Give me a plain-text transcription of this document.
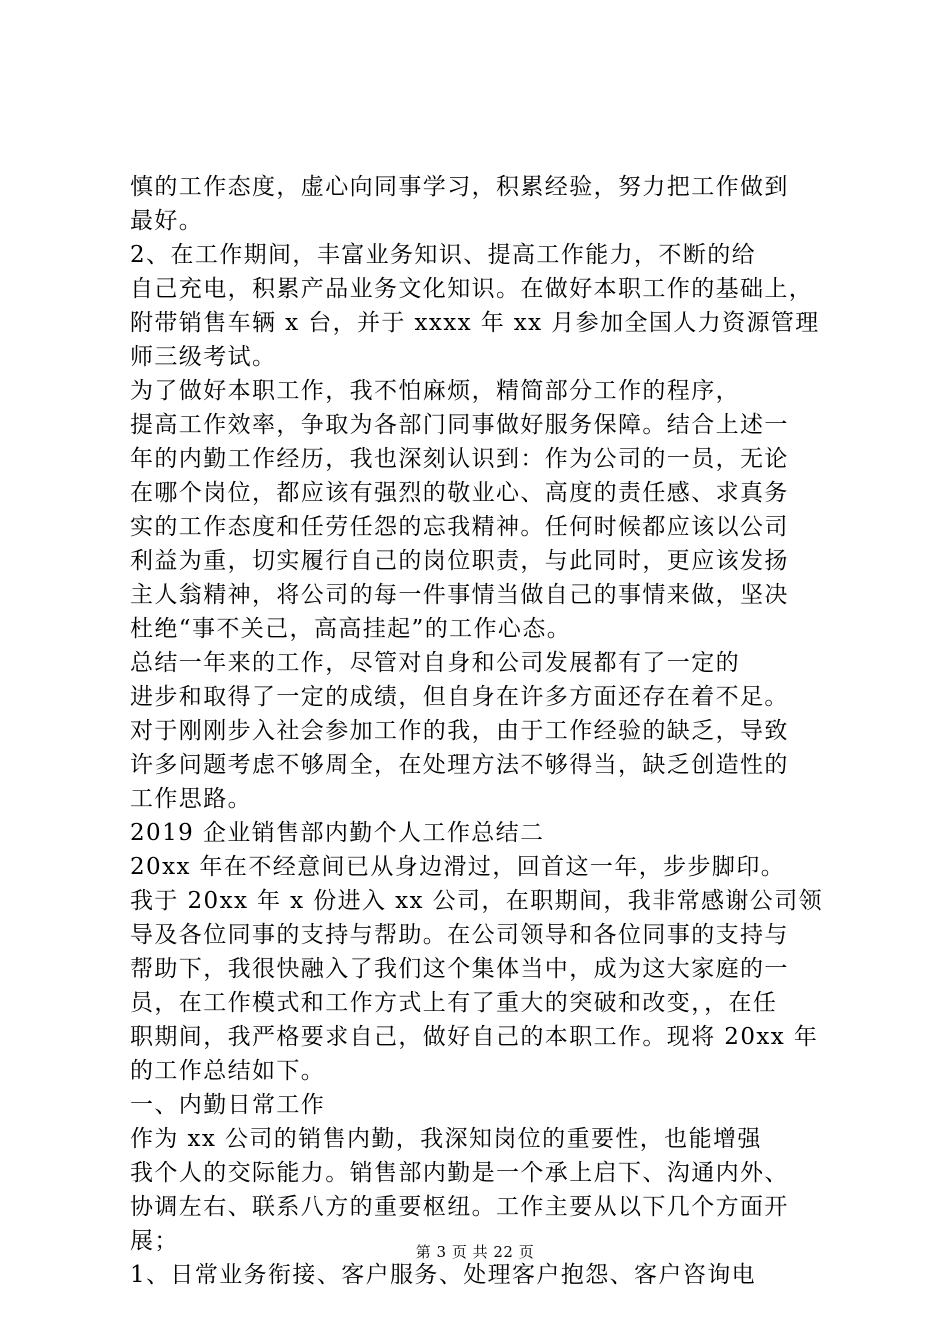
慎的工作态度，虚心向同事学习，积累经验，努力把工作做到
最好。
2、在工作期间，丰富业务知识、提高工作能力，不断的给
自己充电，积累产品业务文化知识。在做好本职工作的基础上，
附带销售车辆 x 台，并于 xxxx 年 xx 月参加全国人力资源管理
师三级考试。
为了做好本职工作，我不怕麻烦，精简部分工作的程序，
提高工作效率，争取为各部门同事做好服务保障。结合上述一
年的内勤工作经历，我也深刻认识到：作为公司的一员，无论
在哪个岗位，都应该有强烈的敬业心、高度的责任感、求真务
实的工作态度和任劳任怨的忘我精神。任何时候都应该以公司
利益为重，切实履行自己的岗位职责，与此同时，更应该发扬
主人翁精神，将公司的每一件事情当做自己的事情来做，坚决
杜绝“事不关己，高高挂起”的工作心态。
总结一年来的工作，尽管对自身和公司发展都有了一定的
进步和取得了一定的成绩，但自身在许多方面还存在着不足。
对于刚刚步入社会参加工作的我，由于工作经验的缺乏，导致
许多问题考虑不够周全，在处理方法不够得当，缺乏创造性的
工作思路。
2019 企业销售部内勤个人工作总结二
20xx 年在不经意间已从身边滑过，回首这一年，步步脚印。
我于 20xx 年 x 份进入 xx 公司，在职期间，我非常感谢公司领
导及各位同事的支持与帮助。在公司领导和各位同事的支持与
帮助下，我很快融入了我们这个集体当中，成为这大家庭的一
员，在工作模式和工作方式上有了重大的突破和改变，，在任
职期间，我严格要求自己，做好自己的本职工作。现将 20xx 年
的工作总结如下。
一、内勤日常工作
作为 xx 公司的销售内勤，我深知岗位的重要性，也能增强
我个人的交际能力。销售部内勤是一个承上启下、沟通内外、
协调左右、联系八方的重要枢纽。工作主要从以下几个方面开
展；
1、日常业务衔接、客户服务、处理客户抱怨、客户咨询电
第 3 页 共 22 页
